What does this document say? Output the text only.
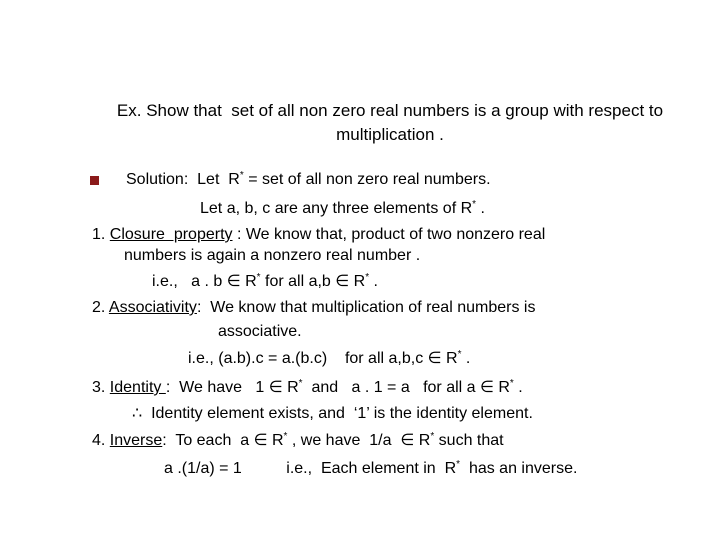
Ex. Show that  set of all non zero real numbers is a group with respect to
multiplication .
Solution:  Let  R* = set of all non zero real numbers.
Let a, b, c are any three elements of R* .
1. Closure  property : We know that, product of two nonzero real
numbers is again a nonzero real number .
i.e.,   a . b ∈ R* for all a,b ∈ R* .
2. Associativity:  We know that multiplication of real numbers is
associative.
i.e., (a.b).c = a.(b.c)    for all a,b,c ∈ R* .
3. Identity :  We have   1 ∈ R*  and   a . 1 = a   for all a ∈ R* .
∴  Identity element exists, and  ‘1’ is the identity element.
4. Inverse:  To each  a ∈ R* , we have  1/a  ∈ R* such that
a .(1/a) = 1          i.e.,  Each element in  R*  has an inverse.
